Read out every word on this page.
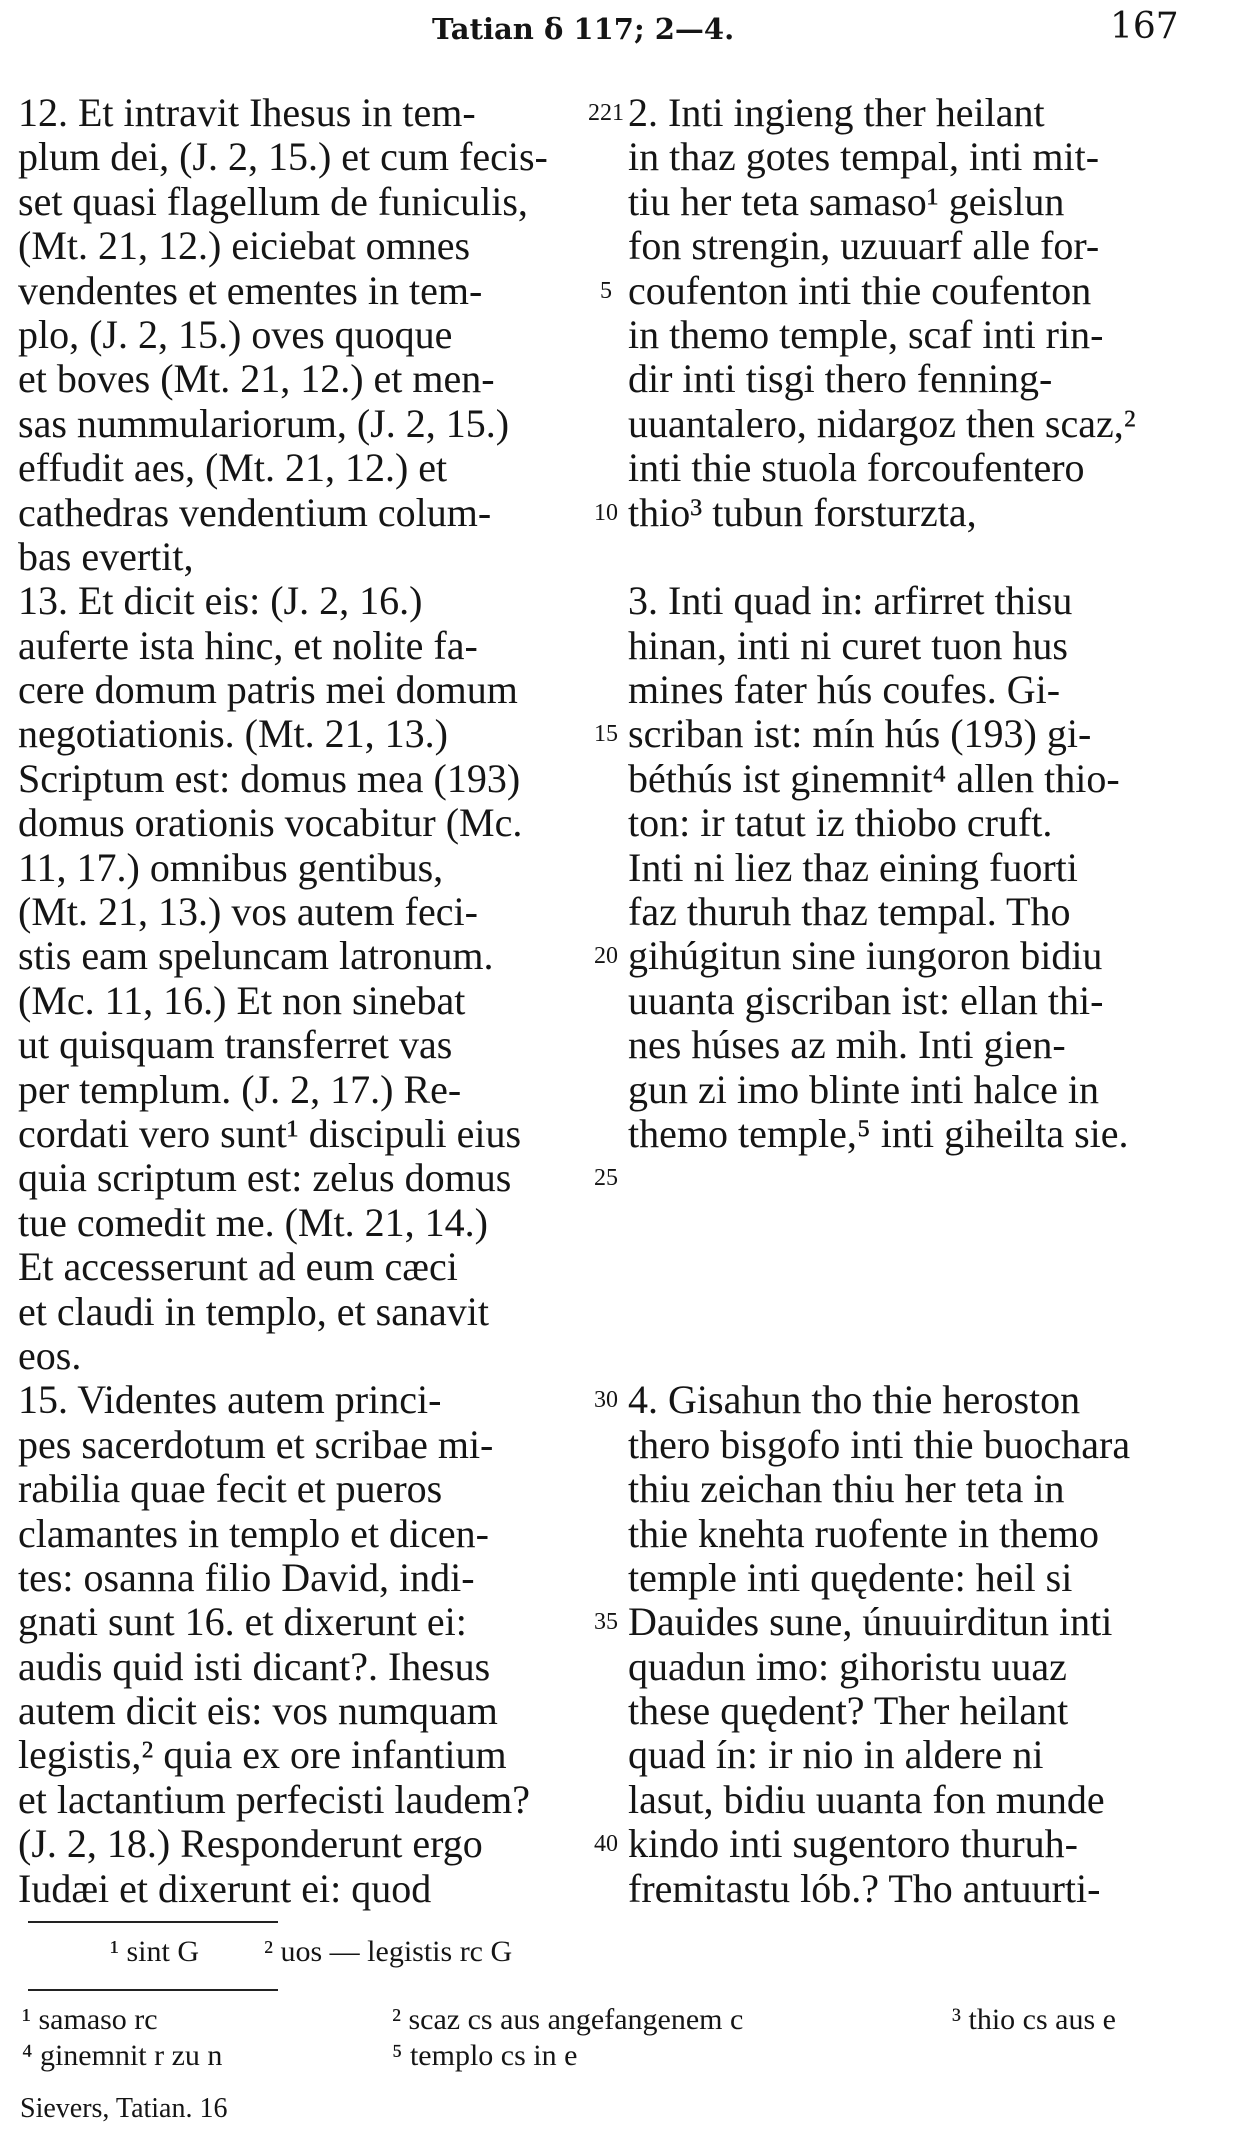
Tatian δ 117; 2—4.	167
12. Et intravit Ihesus in tem-
plum dei, (J. 2, 15.) et cum fecis-
set quasi flagellum de funiculis,
(Mt. 21, 12.) eiciebat omnes
vendentes et ementes in tem-
plo, (J. 2, 15.) oves quoque
et boves (Mt. 21, 12.) et men-
sas nummulariorum, (J. 2, 15.)
effudit aes, (Mt. 21, 12.) et
cathedras vendentium colum-
bas evertit,
13. Et dicit eis: (J. 2, 16.)
auferte ista hinc, et nolite fa-
cere domum patris mei domum
negotiationis. (Mt. 21, 13.)
Scriptum est: domus mea (193)
domus orationis vocabitur (Mc.
11, 17.) omnibus gentibus,
(Mt. 21, 13.) vos autem feci-
stis eam speluncam latronum.
(Mc. 11, 16.) Et non sinebat
ut quisquam transferret vas
per templum. (J. 2, 17.) Re-
cordati vero sunt¹ discipuli eius
quia scriptum est: zelus domus
tue comedit me. (Mt. 21, 14.)
Et accesserunt ad eum cæci
et claudi in templo, et sanavit
eos.
15. Videntes autem princi-
pes sacerdotum et scribae mi-
rabilia quae fecit et pueros
clamantes in templo et dicen-
tes: osanna filio David, indi-
gnati sunt 16. et dixerunt ei:
audis quid isti dicant?. Ihesus
autem dicit eis: vos numquam
legistis,² quia ex ore infantium
et lactantium perfecisti laudem?
(J. 2, 18.) Responderunt ergo
Iudæi et dixerunt ei: quod
221
5
10
15
20
25
30
35
40
2. Inti ingieng ther heilant
in thaz gotes tempal, inti mit-
tiu her teta samaso¹ geislun
fon strengin, uzuuarf alle for-
coufenton inti thie coufenton
in themo temple, scaf inti rin-
dir inti tisgi thero fenning-
uuantalero, nidargoz then scaz,²
inti thie stuola forcoufentero
thio³ tubun forsturzta,
3. Inti quad in: arfirret thisu
hinan, inti ni curet tuon hus
mines fater hús coufes. Gi-
scriban ist: mín hús (193) gi-
béthús ist ginemnit⁴ allen thio-
ton: ir tatut iz thiobo cruft.
Inti ni liez thaz eining fuorti
faz thuruh thaz tempal. Tho
gihúgitun sine iungoron bidiu
uuanta giscriban ist: ellan thi-
nes húses az mih. Inti gien-
gun zi imo blinte inti halce in
themo temple,⁵ inti giheilta sie.
4. Gisahun tho thie heroston
thero bisgofo inti thie buochara
thiu zeichan thiu her teta in
thie knehta ruofente in themo
temple inti quędente: heil si
Dauides sune, únuuirditun inti
quadun imo: gihoristu uuaz
these quędent? Ther heilant
quad ín: ir nio in aldere ni
lasut, bidiu uuanta fon munde
kindo inti sugentoro thuruh-
fremitastu lób.? Tho antuurti-
¹ sint G ² uos — legistis rc G
¹ samaso rc
⁴ ginemnit r zu n
² scaz cs aus angefangenem c
⁵ templo cs in e
³ thio cs aus e
Sievers, Tatian. 16
